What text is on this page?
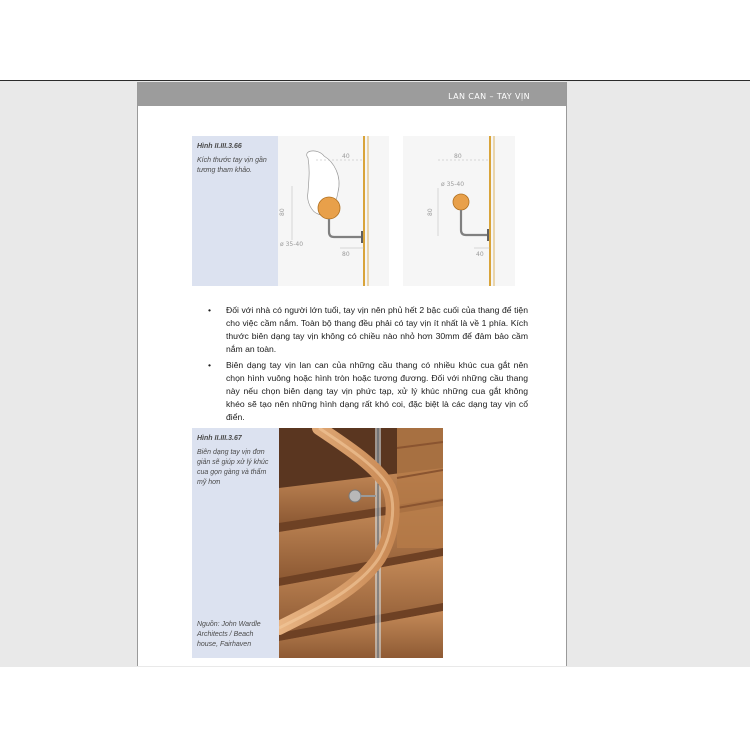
LAN CAN – TAY VỊN
Hình II.III.3.66
Kích thước tay vịn gần tương tham khảo.
40
80
ø 35-40
80
80
ø 35-40
80
40
• Đối với nhà có người lớn tuổi, tay vịn nên phủ hết 2 bậc cuối của thang để tiện cho việc cầm nắm. Toàn bộ thang đều phải có tay vịn ít nhất là về 1 phía. Kích thước biên dạng tay vịn không có chiều nào nhỏ hơn 30mm để đảm bảo cầm nắm an toàn.
• Biên dạng tay vịn lan can của những cầu thang có nhiều khúc cua gắt nên chọn hình vuông hoặc hình tròn hoặc tương đương. Đối với những cầu thang này nếu chọn biên dạng tay vịn phức tạp, xử lý khúc những cua gắt không khéo sẽ tạo nên những hình dạng rất khó coi, đặc biệt là các dạng tay vịn cổ điển.
Hình II.III.3.67
Biên dạng tay vịn đơn giản sẽ giúp xử lý khúc cua gọn gàng và thẩm mỹ hơn
Nguồn: John Wardle Architects / Beach house, Fairhaven
